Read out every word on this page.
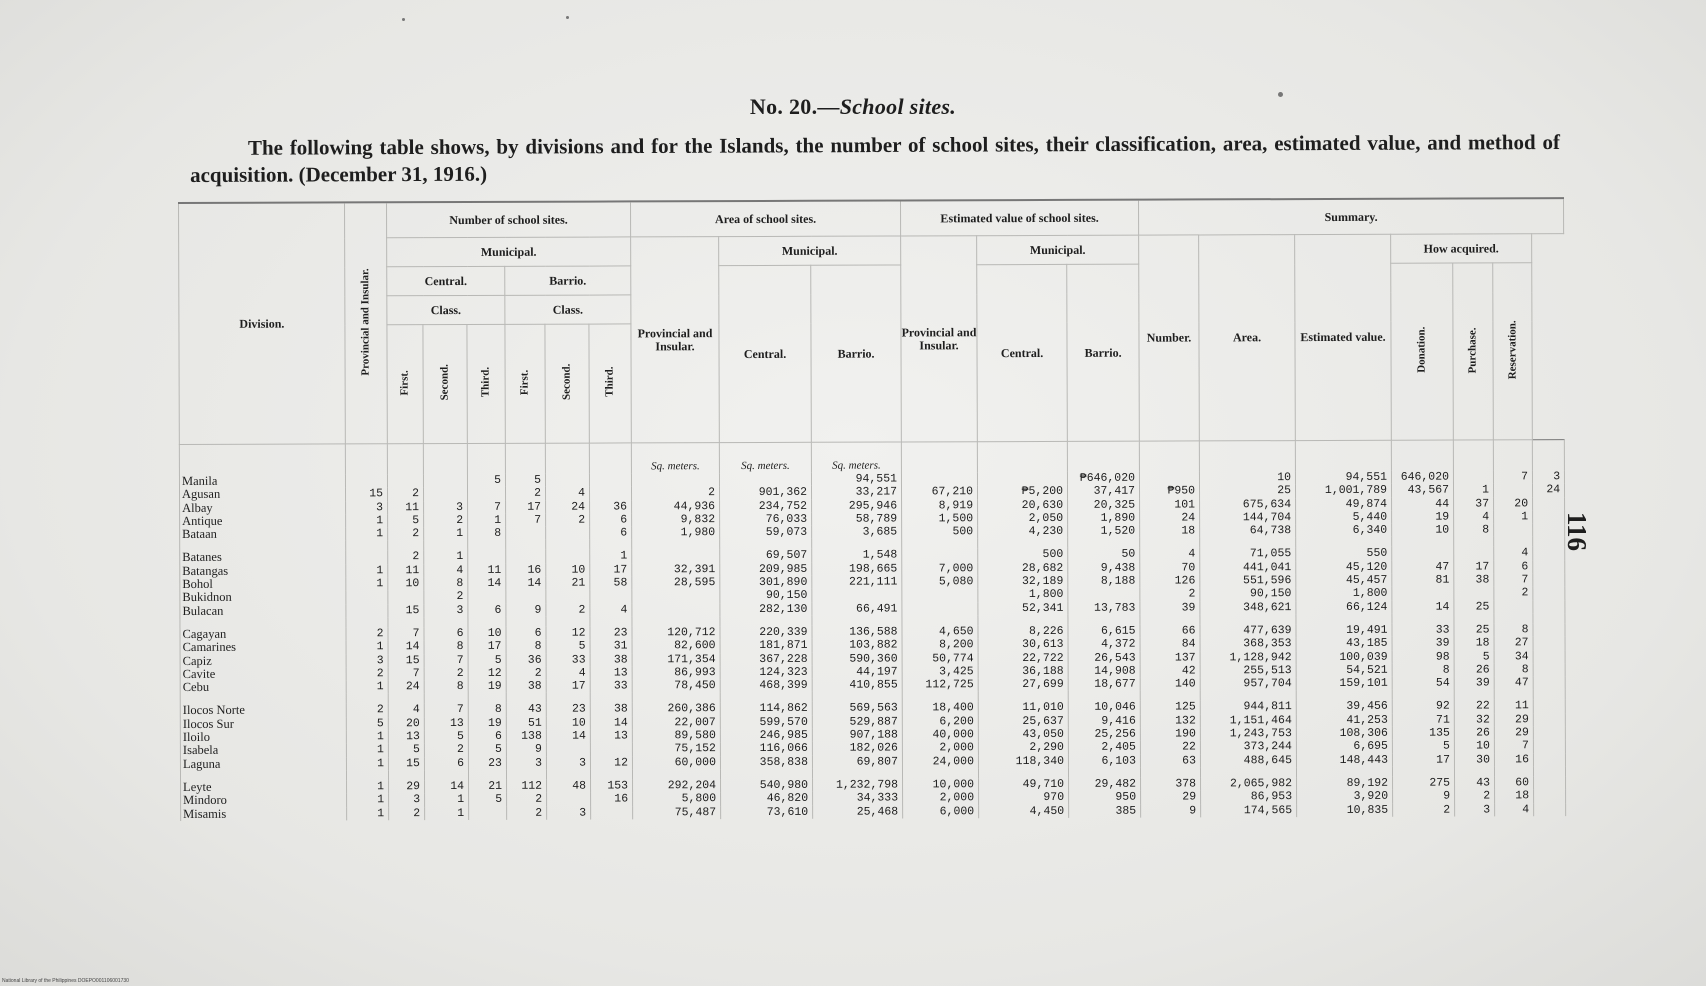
No. 20.—School sites.
The following table shows, by divisions and for the Islands, the number of school sites, their classification, area, estimated value, and method of acquisition. (December 31, 1916.)
116
Division.	Provincial and Insular.	Number of school sites.						Area of school sites.			Estimated value of school sites.			Summary.						
		Municipal.						Provincial and Insular.	Municipal.		Provincial and Insular.	Municipal.		Number.	Area.	Estimated value.	How acquired.			
		Central.			Barrio.				Central.	Barrio.		Central.	Barrio.				Donation.	Purchase.	Reservation.	
		Class.			Class.															
		First.	Second.	Third.	First.	Second.	Third.													
								Sq. meters.	Sq. meters.	Sq. meters.										
Manila				5	5					94,551			₱646,020		10	94,551	646,020		7	3
Agusan	15	2			2	4		2	901,362	33,217	67,210	₱5,200	37,417	₱950	25	1,001,789	43,567	1		24
Albay	3	11	3	7	17	24	36	44,936	234,752	295,946	8,919	20,630	20,325	101	675,634	49,874	44	37	20	
Antique	1	5	2	1	7	2	6	9,832	76,033	58,789	1,500	2,050	1,890	24	144,704	5,440	19	4	1	
Bataan	1	2	1	8			6	1,980	59,073	3,685	500	4,230	1,520	18	64,738	6,340	10	8		

Batanes		2	1				1		69,507	1,548		500	50	4	71,055	550			4	
Batangas	1	11	4	11	16	10	17	32,391	209,985	198,665	7,000	28,682	9,438	70	441,041	45,120	47	17	6	
Bohol	1	10	8	14	14	21	58	28,595	301,890	221,111	5,080	32,189	8,188	126	551,596	45,457	81	38	7	
Bukidnon			2						90,150			1,800		2	90,150	1,800			2	
Bulacan		15	3	6	9	2	4		282,130	66,491		52,341	13,783	39	348,621	66,124	14	25		

Cagayan	2	7	6	10	6	12	23	120,712	220,339	136,588	4,650	8,226	6,615	66	477,639	19,491	33	25	8	
Camarines	1	14	8	17	8	5	31	82,600	181,871	103,882	8,200	30,613	4,372	84	368,353	43,185	39	18	27	
Capiz	3	15	7	5	36	33	38	171,354	367,228	590,360	50,774	22,722	26,543	137	1,128,942	100,039	98	5	34	
Cavite	2	7	2	12	2	4	13	86,993	124,323	44,197	3,425	36,188	14,908	42	255,513	54,521	8	26	8	
Cebu	1	24	8	19	38	17	33	78,450	468,399	410,855	112,725	27,699	18,677	140	957,704	159,101	54	39	47	

Ilocos Norte	2	4	7	8	43	23	38	260,386	114,862	569,563	18,400	11,010	10,046	125	944,811	39,456	92	22	11	
Ilocos Sur	5	20	13	19	51	10	14	22,007	599,570	529,887	6,200	25,637	9,416	132	1,151,464	41,253	71	32	29	
Iloilo	1	13	5	6	138	14	13	89,580	246,985	907,188	40,000	43,050	25,256	190	1,243,753	108,306	135	26	29	
Isabela	1	5	2	5	9			75,152	116,066	182,026	2,000	2,290	2,405	22	373,244	6,695	5	10	7	
Laguna	1	15	6	23	3	3	12	60,000	358,838	69,807	24,000	118,340	6,103	63	488,645	148,443	17	30	16	

Leyte	1	29	14	21	112	48	153	292,204	540,980	1,232,798	10,000	49,710	29,482	378	2,065,982	89,192	275	43	60	
Mindoro	1	3	1	5	2		16	5,800	46,820	34,333	2,000	970	950	29	86,953	3,920	9	2	18	
Misamis	1	2	1		2	3		75,487	73,610	25,468	6,000	4,450	385	9	174,565	10,835	2	3	4	
National Library of the Philippines DOEPO001106001730
